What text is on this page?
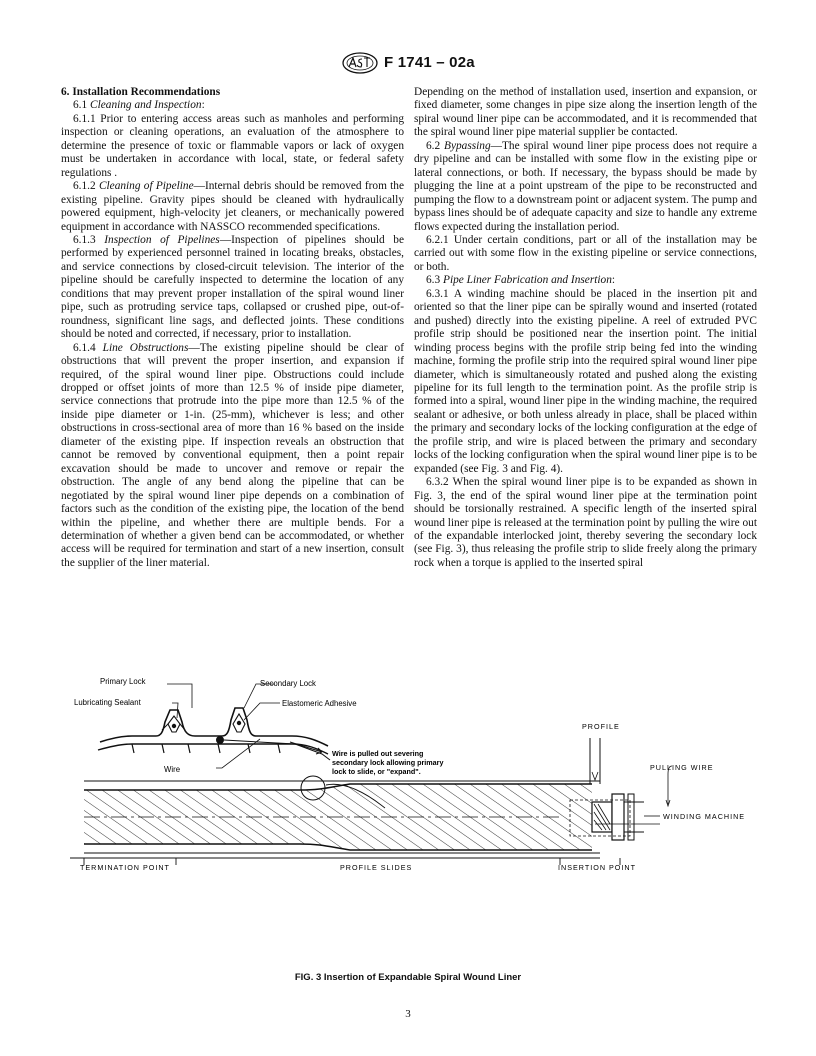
F 1741 – 02a
6. Installation Recommendations

6.1 Cleaning and Inspection:

6.1.1 Prior to entering access areas such as manholes and performing inspection or cleaning operations, an evaluation of the atmosphere to determine the presence of toxic or flammable vapors or lack of oxygen must be undertaken in accordance with local, state, or federal safety regulations .

6.1.2 Cleaning of Pipeline—Internal debris should be removed from the existing pipeline. Gravity pipes should be cleaned with hydraulically powered equipment, high-velocity jet cleaners, or mechanically powered equipment in accordance with NASSCO recommended specifications.

6.1.3 Inspection of Pipelines—Inspection of pipelines should be performed by experienced personnel trained in locating breaks, obstacles, and service connections by closed-circuit television. The interior of the pipeline should be carefully inspected to determine the location of any conditions that may prevent proper installation of the spiral wound liner pipe, such as protruding service taps, collapsed or crushed pipe, out-of-roundness, significant line sags, and deflected joints. These conditions should be noted and corrected, if necessary, prior to installation.

6.1.4 Line Obstructions—The existing pipeline should be clear of obstructions that will prevent the proper insertion, and expansion if required, of the spiral wound liner pipe. Obstructions could include dropped or offset joints of more than 12.5 % of inside pipe diameter, service connections that protrude into the pipe more than 12.5 % of the inside pipe diameter or 1-in. (25-mm), whichever is less; and other obstructions in cross-sectional area of more than 16 % based on the inside diameter of the existing pipe. If inspection reveals an obstruction that cannot be removed by conventional equipment, then a point repair excavation should be made to uncover and remove or repair the obstruction. The angle of any bend along the pipeline that can be negotiated by the spiral wound liner pipe depends on a combination of factors such as the condition of the existing pipe, the location of the bend within the pipeline, and whether there are multiple bends. For a determination of whether a given bend can be accommodated, or whether access will be required for termination and start of a new insertion, consult the supplier of the liner material.

Depending on the method of installation used, insertion and expansion, or fixed diameter, some changes in pipe size along the insertion length of the spiral wound liner pipe can be accommodated, and it is recommended that the spiral wound liner pipe material supplier be contacted.

6.2 Bypassing—The spiral wound liner pipe process does not require a dry pipeline and can be installed with some flow in the existing pipe or lateral connections, or both. If necessary, the bypass should be made by plugging the line at a point upstream of the pipe to be reconstructed and pumping the flow to a downstream point or adjacent system. The pump and bypass lines should be of adequate capacity and size to handle any extreme flows expected during the installation period.

6.2.1 Under certain conditions, part or all of the installation may be carried out with some flow in the existing pipeline or service connections, or both.

6.3 Pipe Liner Fabrication and Insertion:

6.3.1 A winding machine should be placed in the insertion pit and oriented so that the liner pipe can be spirally wound and inserted (rotated and pushed) directly into the existing pipeline. A reel of extruded PVC profile strip should be positioned near the insertion point. The initial winding process begins with the profile strip being fed into the winding machine, forming the profile strip into the required spiral wound liner pipe diameter, which is simultaneously rotated and pushed along the existing pipeline for its full length to the termination point. As the profile strip is formed into a spiral, wound liner pipe in the winding machine, the required sealant or adhesive, or both unless already in place, shall be placed within the primary and secondary locks of the locking configuration at the edge of the profile strip, and wire is placed between the primary and secondary locks of the locking configuration when the spiral wound liner pipe is to be expanded (see Fig. 3 and Fig. 4).

6.3.2 When the spiral wound liner pipe is to be expanded as shown in Fig. 3, the end of the spiral wound liner pipe at the termination point should be torsionally restrained. A specific length of the inserted spiral wound liner pipe is released at the termination point by pulling the wire out of the expandable interlocked joint, thereby severing the secondary lock (see Fig. 3), thus releasing the profile strip to slide freely along the primary rock when a torque is applied to the inserted spiral

Primary Lock	Secondary Lock
Lubricating Sealant	Elastomeric Adhesive
Wire is pulled out severing
secondary lock allowing primary
lock to slide, or "expand".
Wire
PROFILE
PULLING WIRE
WINDING MACHINE
TERMINATION POINT	PROFILE SLIDES	INSERTION POINT
FIG. 3 Insertion of Expandable Spiral Wound Liner
3
